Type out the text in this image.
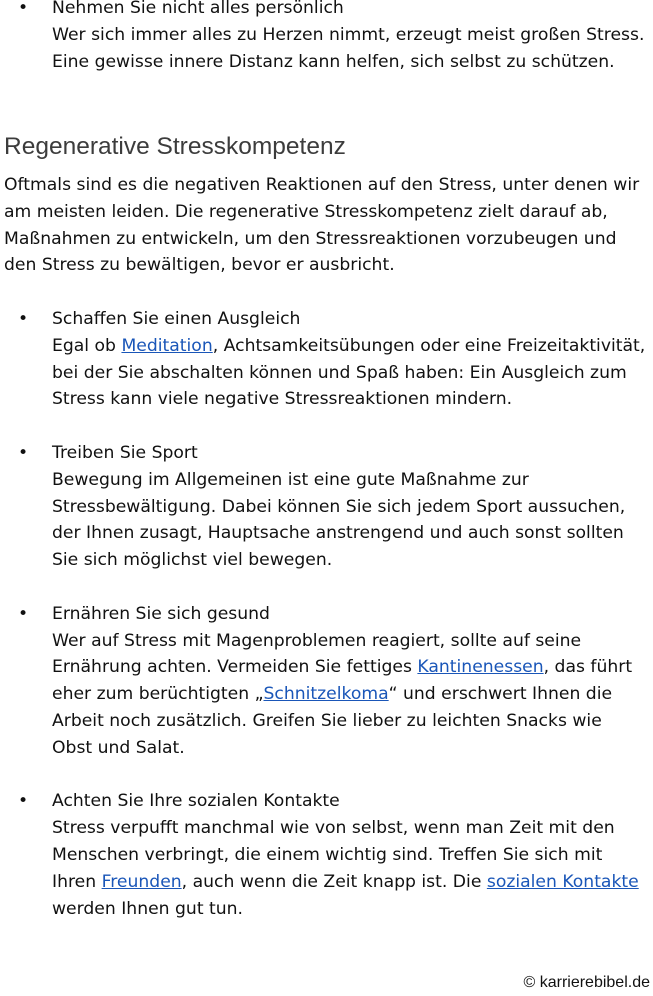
• Nehmen Sie nicht alles persönlich
Wer sich immer alles zu Herzen nimmt, erzeugt meist großen Stress. Eine gewisse innere Distanz kann helfen, sich selbst zu schützen.
Regenerative Stresskompetenz

Oftmals sind es die negativen Reaktionen auf den Stress, unter denen wir am meisten leiden. Die regenerative Stresskompetenz zielt darauf ab, Maßnahmen zu entwickeln, um den Stressreaktionen vorzubeugen und den Stress zu bewältigen, bevor er ausbricht.

• Schaffen Sie einen Ausgleich
Egal ob Meditation, Achtsamkeitsübungen oder eine Freizeitaktivität, bei der Sie abschalten können und Spaß haben: Ein Ausgleich zum Stress kann viele negative Stressreaktionen mindern.
• Treiben Sie Sport
Bewegung im Allgemeinen ist eine gute Maßnahme zur Stressbewältigung. Dabei können Sie sich jedem Sport aussuchen, der Ihnen zusagt, Hauptsache anstrengend und auch sonst sollten Sie sich möglichst viel bewegen.
• Ernähren Sie sich gesund
Wer auf Stress mit Magenproblemen reagiert, sollte auf seine Ernährung achten. Vermeiden Sie fettiges Kantinenessen, das führt eher zum berüchtigten „Schnitzelkoma“ und erschwert Ihnen die Arbeit noch zusätzlich. Greifen Sie lieber zu leichten Snacks wie Obst und Salat.
• Achten Sie Ihre sozialen Kontakte
Stress verpufft manchmal wie von selbst, wenn man Zeit mit den Menschen verbringt, die einem wichtig sind. Treffen Sie sich mit Ihren Freunden, auch wenn die Zeit knapp ist. Die sozialen Kontakte werden Ihnen gut tun.
© karrierebibel.de
